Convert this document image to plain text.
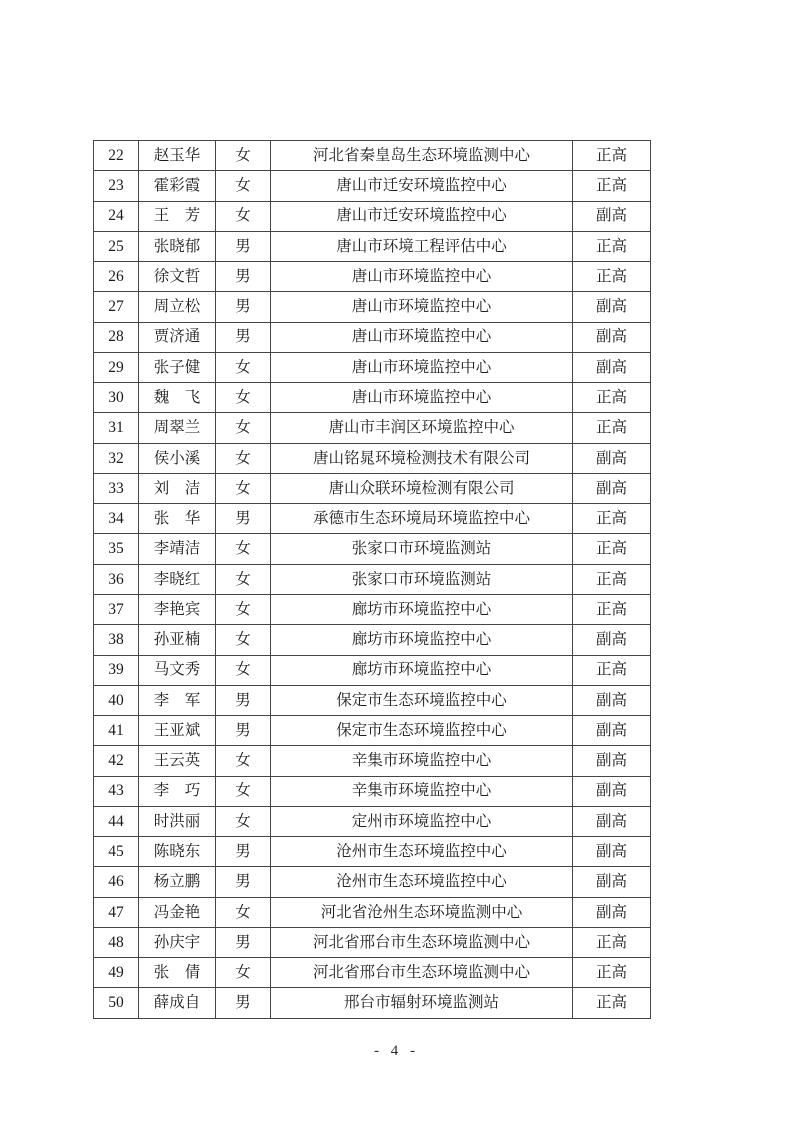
22	赵玉华	女	河北省秦皇岛生态环境监测中心	正高
23	霍彩霞	女	唐山市迁安环境监控中心	正高
24	王　芳	女	唐山市迁安环境监控中心	副高
25	张晓郁	男	唐山市环境工程评估中心	正高
26	徐文哲	男	唐山市环境监控中心	正高
27	周立松	男	唐山市环境监控中心	副高
28	贾济通	男	唐山市环境监控中心	副高
29	张子健	女	唐山市环境监控中心	副高
30	魏　飞	女	唐山市环境监控中心	正高
31	周翠兰	女	唐山市丰润区环境监控中心	正高
32	侯小溪	女	唐山铭晁环境检测技术有限公司	副高
33	刘　洁	女	唐山众联环境检测有限公司	副高
34	张　华	男	承德市生态环境局环境监控中心	正高
35	李靖洁	女	张家口市环境监测站	正高
36	李晓红	女	张家口市环境监测站	正高
37	李艳宾	女	廊坊市环境监控中心	正高
38	孙亚楠	女	廊坊市环境监控中心	副高
39	马文秀	女	廊坊市环境监控中心	正高
40	李　军	男	保定市生态环境监控中心	副高
41	王亚斌	男	保定市生态环境监控中心	副高
42	王云英	女	辛集市环境监控中心	副高
43	李　巧	女	辛集市环境监控中心	副高
44	时洪丽	女	定州市环境监控中心	副高
45	陈晓东	男	沧州市生态环境监控中心	副高
46	杨立鹏	男	沧州市生态环境监控中心	副高
47	冯金艳	女	河北省沧州生态环境监测中心	副高
48	孙庆宇	男	河北省邢台市生态环境监测中心	正高
49	张　倩	女	河北省邢台市生态环境监测中心	正高
50	薛成自	男	邢台市辐射环境监测站	正高
- 4 -
